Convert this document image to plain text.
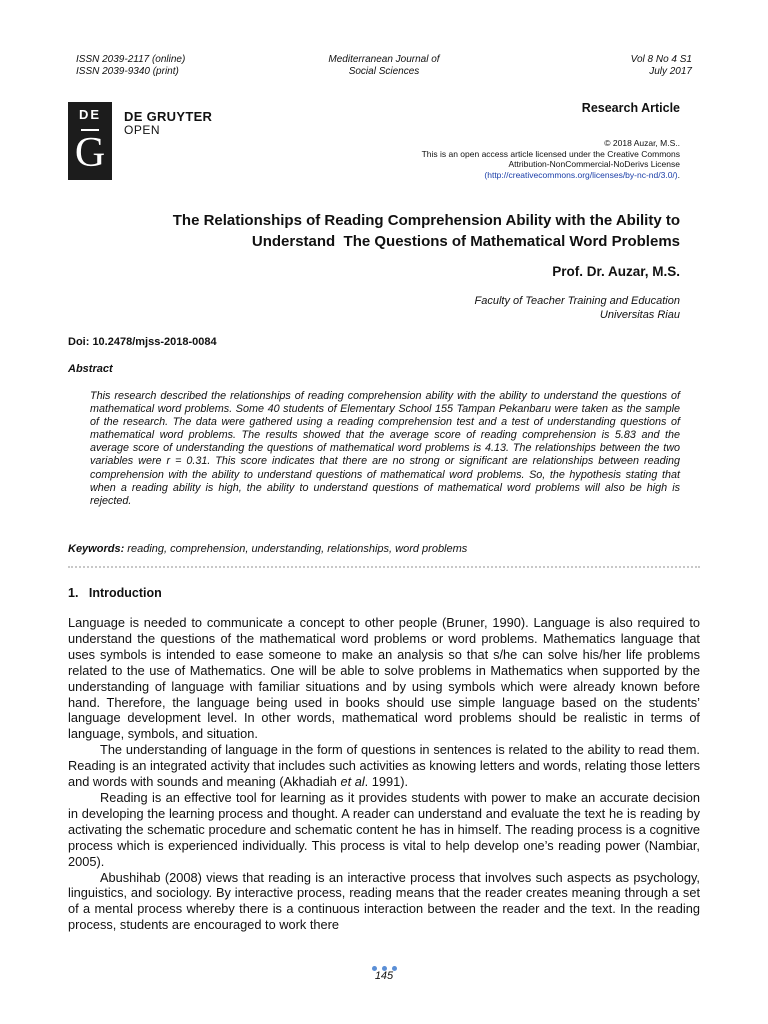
ISSN 2039-2117 (online)
ISSN 2039-9340 (print)
Mediterranean Journal of
Social Sciences
Vol 8 No 4 S1
July 2017
DE
G
DE GRUYTER
OPEN
Research Article
© 2018 Auzar, M.S..
This is an open access article licensed under the Creative Commons
Attribution-NonCommercial-NoDerivs License
(http://creativecommons.org/licenses/by-nc-nd/3.0/).
The Relationships of Reading Comprehension Ability with the Ability to
Understand  The Questions of Mathematical Word Problems
Prof. Dr. Auzar, M.S.
Faculty of Teacher Training and Education
Universitas Riau
Doi: 10.2478/mjss-2018-0084
Abstract
This research described the relationships of reading comprehension ability with the ability to understand the questions of mathematical word problems. Some 40 students of Elementary School 155 Tampan Pekanbaru were taken as the sample of the research. The data were gathered using a reading comprehension test and a test of understanding questions of mathematical word problems. The results showed that the average score of reading comprehension is 5.83 and the average score of understanding the questions of mathematical word problems is 4.13. The relationships between the two variables were r = 0.31. This score indicates that there are no strong or significant are relationships between reading comprehension with the ability to understand questions of mathematical word problems. So, the hypothesis stating that when a reading ability is high, the ability to understand questions of mathematical word problems will also be high is rejected.
Keywords: reading, comprehension, understanding, relationships, word problems
1.   Introduction

Language is needed to communicate a concept to other people (Bruner, 1990). Language is also required to understand the questions of the mathematical word problems or word problems. Mathematics language that uses symbols is intended to ease someone to make an analysis so that s/he can solve his/her life problems related to the use of Mathematics. One will be able to solve problems in Mathematics when supported by the understanding of language with familiar situations and by using symbols which were already known before hand. Therefore, the language being used in books should use simple language based on the students’ language development level. In other words, mathematical word problems should be realistic in terms of language, symbols, and situation.

The understanding of language in the form of questions in sentences is related to the ability to read them. Reading is an integrated activity that includes such activities as knowing letters and words, relating those letters and words with sounds and meaning (Akhadiah et al. 1991).

Reading is an effective tool for learning as it provides students with power to make an accurate decision in developing the learning process and thought. A reader can understand and evaluate the text he is reading by activating the schematic procedure and schematic content he has in himself. The reading process is a cognitive process which is experienced individually. This process is vital to help develop one’s reading power (Nambiar, 2005).

Abushihab (2008) views that reading is an interactive process that involves such aspects as psychology, linguistics, and sociology. By interactive process, reading means that the reader creates meaning through a set of a mental process whereby there is a continuous interaction between the reader and the text. In the reading process, students are encouraged to work there

145
